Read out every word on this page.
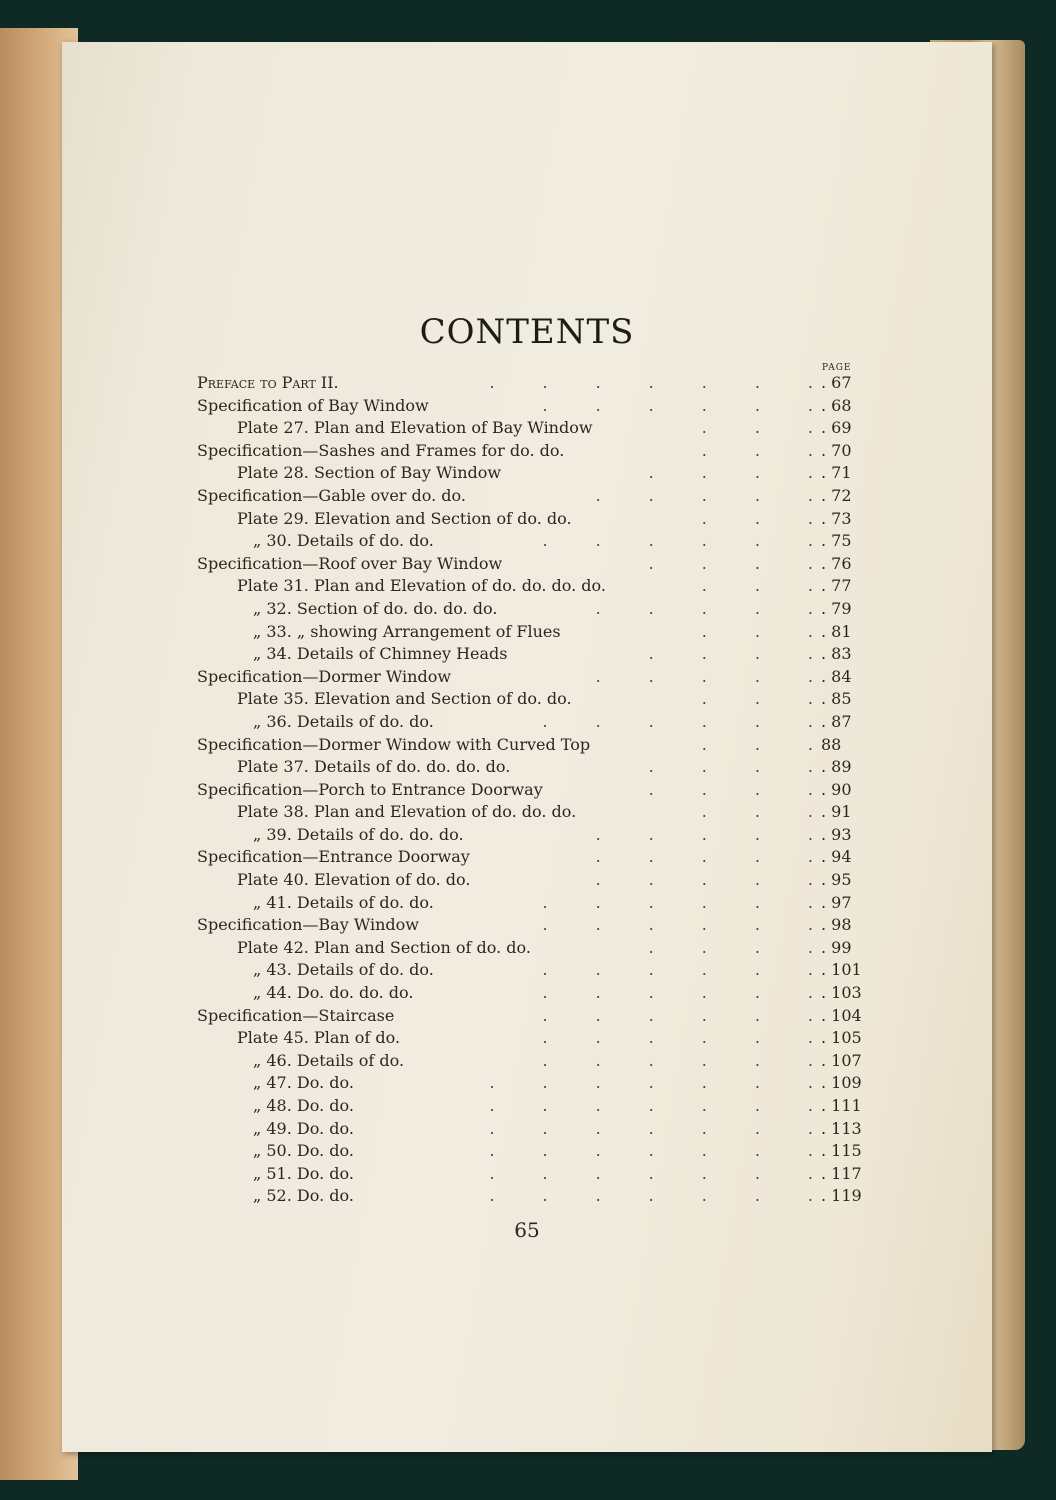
CONTENTS
PAGE
Preface to Part II.	. 67
.   .   .   .   .   .   .   
Specification of Bay Window	. 68
.   .   .   .   .   .   
Plate 27. Plan and Elevation of Bay Window	. 69
.   .   .   
Specification—Sashes and Frames for do. do.	. 70
.   .   .   
Plate 28. Section of Bay Window	. 71
.   .   .   .   
Specification—Gable over do. do.	. 72
.   .   .   .   .   
Plate 29. Elevation and Section of do. do.	. 73
.   .   .   
„ 30. Details of do. do.	. 75
.   .   .   .   .   .   
Specification—Roof over Bay Window	. 76
.   .   .   .   
Plate 31. Plan and Elevation of do. do. do. do.	. 77
.   .   .   
„ 32. Section of do. do. do. do.	. 79
.   .   .   .   .   
„ 33. „ showing Arrangement of Flues	. 81
.   .   .   
„ 34. Details of Chimney Heads	. 83
.   .   .   .   
Specification—Dormer Window	. 84
.   .   .   .   .   
Plate 35. Elevation and Section of do. do.	. 85
.   .   .   
„ 36. Details of do. do.	. 87
.   .   .   .   .   .   
Specification—Dormer Window with Curved Top	88
.   .   .   
Plate 37. Details of do. do. do. do.	. 89
.   .   .   .   
Specification—Porch to Entrance Doorway	. 90
.   .   .   .   
Plate 38. Plan and Elevation of do. do. do.	. 91
.   .   .   
„ 39. Details of do. do. do.	. 93
.   .   .   .   .   
Specification—Entrance Doorway	. 94
.   .   .   .   .   
Plate 40. Elevation of do. do.	. 95
.   .   .   .   .   
„ 41. Details of do. do.	. 97
.   .   .   .   .   .   
Specification—Bay Window	. 98
.   .   .   .   .   .   
Plate 42. Plan and Section of do. do.	. 99
.   .   .   .   
„ 43. Details of do. do.	. 101
.   .   .   .   .   .   
„ 44. Do. do. do. do.	. 103
.   .   .   .   .   .   
Specification—Staircase	. 104
.   .   .   .   .   .   
Plate 45. Plan of do.	. 105
.   .   .   .   .   .   
„ 46. Details of do.	. 107
.   .   .   .   .   .   
„ 47. Do. do.	. 109
.   .   .   .   .   .   .   
„ 48. Do. do.	. 111
.   .   .   .   .   .   .   
„ 49. Do. do.	. 113
.   .   .   .   .   .   .   
„ 50. Do. do.	. 115
.   .   .   .   .   .   .   
„ 51. Do. do.	. 117
.   .   .   .   .   .   .   
„ 52. Do. do.	. 119
.   .   .   .   .   .   .   
65
